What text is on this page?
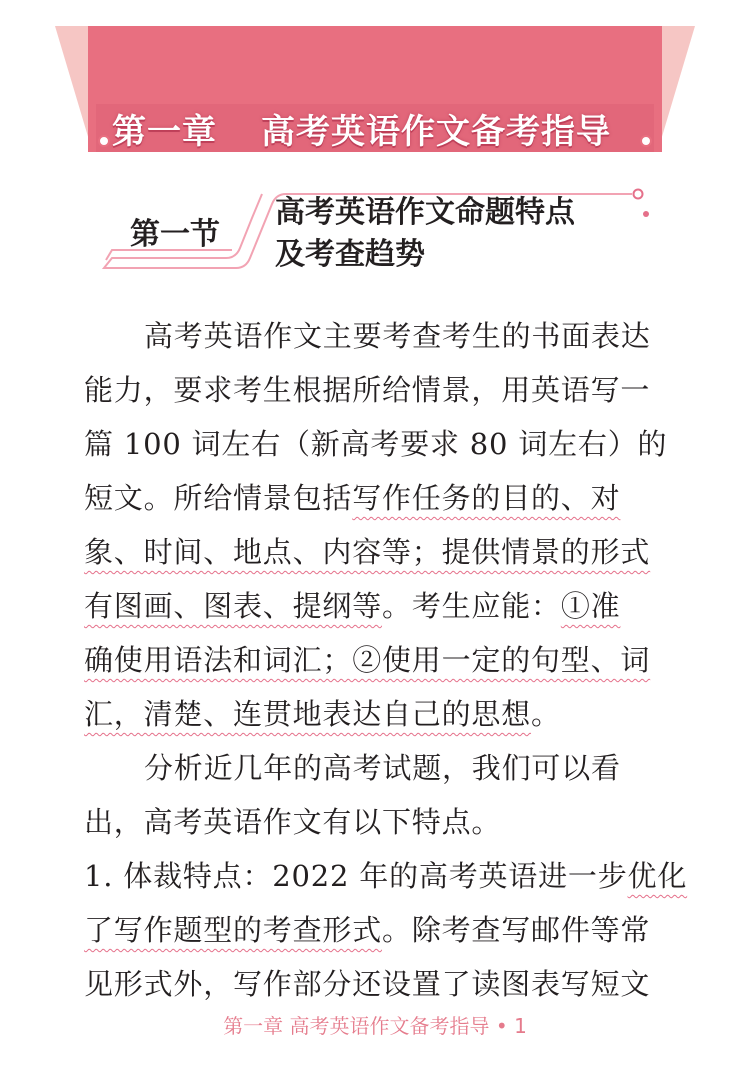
第一章 高考英语作文备考指导
第一节
高考英语作文命题特点
及考查趋势
高考英语作文主要考查考生的书面表达
能力，要求考生根据所给情景，用英语写一
篇 100 词左右（新高考要求 80 词左右）的
短文。所给情景包括写作任务的目的、对
象、时间、地点、内容等；提供情景的形式
有图画、图表、提纲等。考生应能：①准
确使用语法和词汇；②使用一定的句型、词
汇，清楚、连贯地表达自己的思想。
分析近几年的高考试题，我们可以看
出，高考英语作文有以下特点。
1. 体裁特点：2022 年的高考英语进一步优化
了写作题型的考查形式。除考查写邮件等常
见形式外，写作部分还设置了读图表写短文
第一章 高考英语作文备考指导 • 1
